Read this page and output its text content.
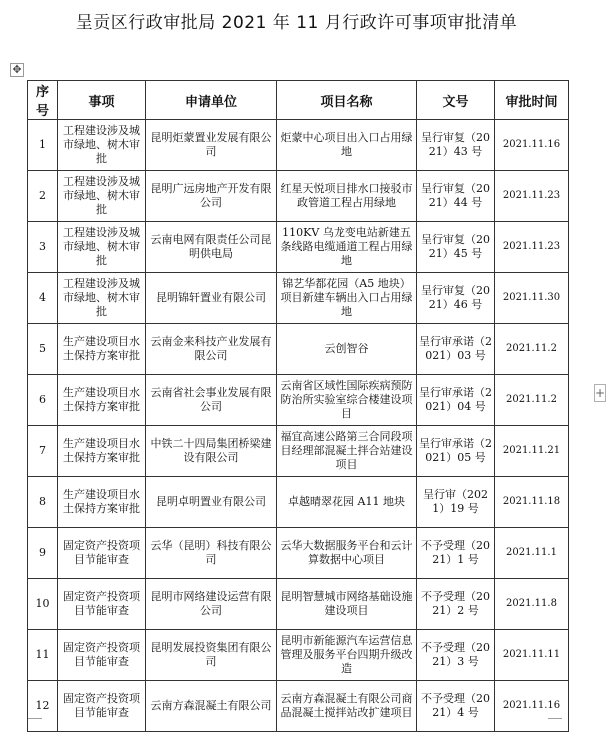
呈贡区行政审批局 2021 年 11 月行政许可事项审批清单
✥
序号	事项	申请单位	项目名称	文号	审批时间
1	工程建设涉及城市绿地、树木审批	昆明炬蒙置业发展有限公司	炬蒙中心项目出入口占用绿地	呈行审复（2021）43 号	2021.11.16
2	工程建设涉及城市绿地、树木审批	昆明广远房地产开发有限公司	红星天悦项目排水口接驳市政管道工程占用绿地	呈行审复（2021）44 号	2021.11.23
3	工程建设涉及城市绿地、树木审批	云南电网有限责任公司昆明供电局	110KV 乌龙变电站新建五条线路电缆通道工程占用绿地	呈行审复（2021）45 号	2021.11.23
4	工程建设涉及城市绿地、树木审批	昆明锦轩置业有限公司	锦艺华都花园（A5 地块）项目新建车辆出入口占用绿地	呈行审复（2021）46 号	2021.11.30
5	生产建设项目水土保持方案审批	云南金来科技产业发展有限公司	云创智谷	呈行审承诺（2021）03 号	2021.11.2
6	生产建设项目水土保持方案审批	云南省社会事业发展有限公司	云南省区域性国际疾病预防防治所实验室综合楼建设项目	呈行审承诺（2021）04 号	2021.11.2
7	生产建设项目水土保持方案审批	中铁二十四局集团桥梁建设有限公司	福宜高速公路第三合同段项目经理部混凝土拌合站建设项目	呈行审承诺（2021）05 号	2021.11.21
8	生产建设项目水土保持方案审批	昆明卓明置业有限公司	卓越晴翠花园 A11 地块	呈行审（2021）19 号	2021.11.18
9	固定资产投资项目节能审查	云华（昆明）科技有限公司	云华大数据服务平台和云计算数据中心项目	不予受理（2021）1 号	2021.11.1
10	固定资产投资项目节能审查	昆明市网络建设运营有限公司	昆明智慧城市网络基础设施建设项目	不予受理（2021）2 号	2021.11.8
11	固定资产投资项目节能审查	昆明发展投资集团有限公司	昆明市新能源汽车运营信息管理及服务平台四期升级改造	不予受理（2021）3 号	2021.11.11
12	固定资产投资项目节能审查	云南方森混凝土有限公司	云南方森混凝土有限公司商品混凝土搅拌站改扩建项目	不予受理（2021）4 号	2021.11.16
+
